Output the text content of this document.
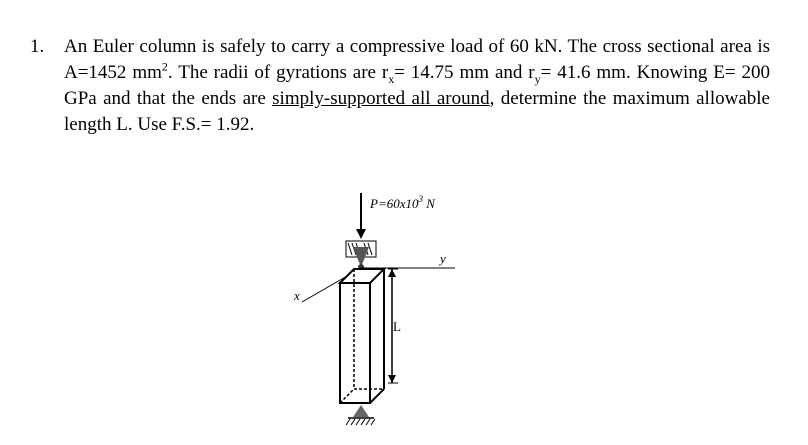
1.	An Euler column is safely to carry a compressive load of 60 kN. The cross sectional area is A=1452 $mm^2$. The radii of gyrations are $r_x= 14.75$ mm and $r_y= 41.6$ mm. Knowing E= 200 GPa and that the ends are simply-supported all around, determine the maximum allowable length L. Use F.S.= 1.92.
$P=60x10^3$ N
y
x
L
